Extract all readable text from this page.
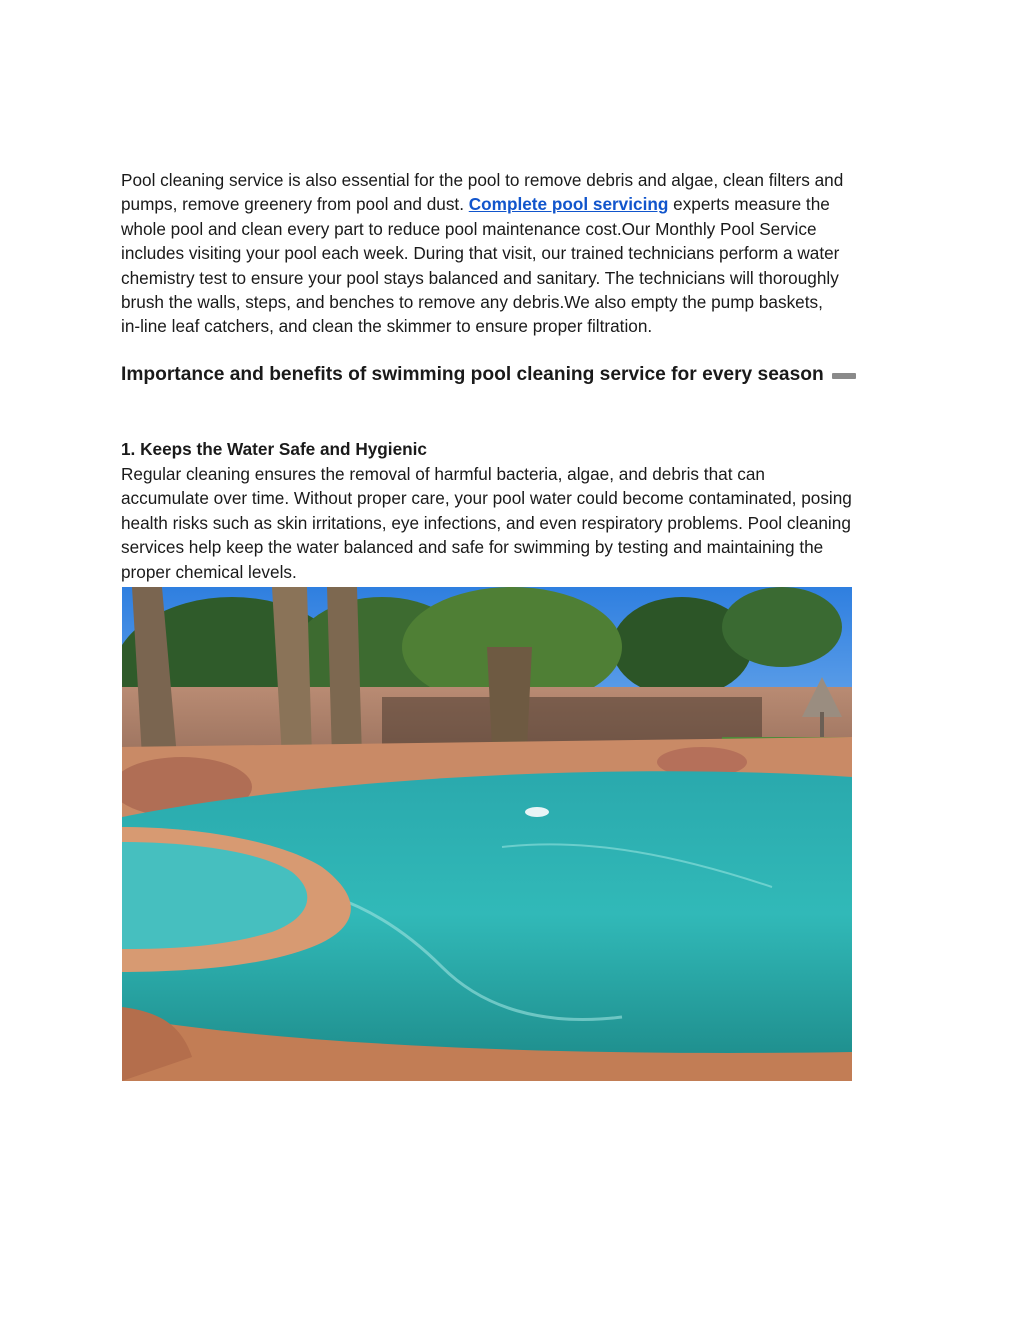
Pool cleaning service is also essential for the pool to remove debris and algae, clean filters and
pumps, remove greenery from pool and dust. Complete pool servicing experts measure the
whole pool and clean every part to reduce pool maintenance cost.Our Monthly Pool Service
includes visiting your pool each week. During that visit, our trained technicians perform a water
chemistry test to ensure your pool stays balanced and sanitary. The technicians will thoroughly
brush the walls, steps, and benches to remove any debris.We also empty the pump baskets,
in-line leaf catchers, and clean the skimmer to ensure proper filtration.

Importance and benefits of swimming pool cleaning service for every season
1. Keeps the Water Safe and Hygienic

Regular cleaning ensures the removal of harmful bacteria, algae, and debris that can
accumulate over time. Without proper care, your pool water could become contaminated, posing
health risks such as skin irritations, eye infections, and even respiratory problems. Pool cleaning
services help keep the water balanced and safe for swimming by testing and maintaining the
proper chemical levels.
